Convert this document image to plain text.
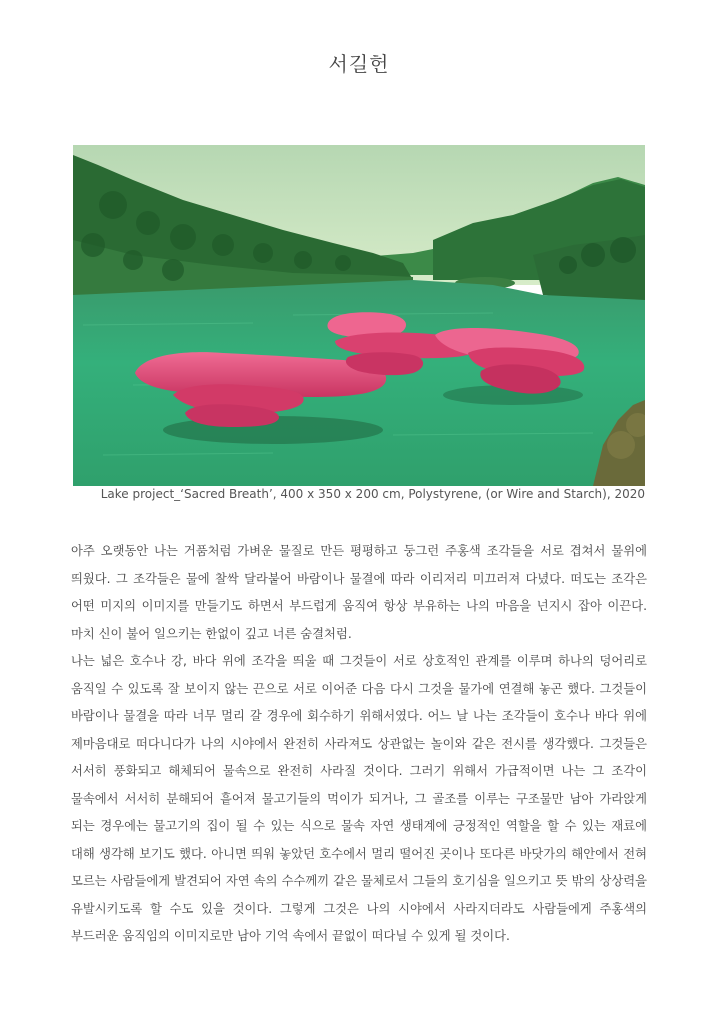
서길헌
Lake project_‘Sacred Breath’, 400 x 350 x 200 cm, Polystyrene, (or Wire and Starch), 2020

아주 오랫동안 나는 거품처럼 가벼운 물질로 만든 평평하고 둥그런 주홍색 조각들을 서로 겹쳐서 물위에 띄웠다. 그 조각들은 물에 찰싹 달라붙어 바람이나 물결에 따라 이리저리 미끄러져 다녔다. 떠도는 조각은 어떤 미지의 이미지를 만들기도 하면서 부드럽게 움직여 항상 부유하는 나의 마음을 넌지시 잡아 이끈다. 마치 신이 불어 일으키는 한없이 깊고 너른 숨결처럼.

나는 넓은 호수나 강, 바다 위에 조각을 띄울 때 그것들이 서로 상호적인 관계를 이루며 하나의 덩어리로 움직일 수 있도록 잘 보이지 않는 끈으로 서로 이어준 다음 다시 그것을 물가에 연결해 놓곤 했다. 그것들이 바람이나 물결을 따라 너무 멀리 갈 경우에 회수하기 위해서였다. 어느 날 나는 조각들이 호수나 바다 위에 제마음대로 떠다니다가 나의 시야에서 완전히 사라져도 상관없는 놀이와 같은 전시를 생각했다. 그것들은 서서히 풍화되고 해체되어 물속으로 완전히 사라질 것이다. 그러기 위해서 가급적이면 나는 그 조각이 물속에서 서서히 분해되어 흩어져 물고기들의 먹이가 되거나, 그 골조를 이루는 구조물만 남아 가라앉게 되는 경우에는 물고기의 집이 될 수 있는 식으로 물속 자연 생태계에 긍정적인 역할을 할 수 있는 재료에 대해 생각해 보기도 했다. 아니면 띄워 놓았던 호수에서 멀리 떨어진 곳이나 또다른 바닷가의 해안에서 전혀 모르는 사람들에게 발견되어 자연 속의 수수께끼 같은 물체로서 그들의 호기심을 일으키고 뜻 밖의 상상력을 유발시키도록 할 수도 있을 것이다. 그렇게 그것은 나의 시야에서 사라지더라도 사람들에게 주홍색의 부드러운 움직임의 이미지로만 남아 기억 속에서 끝없이 떠다닐 수 있게 될 것이다.
